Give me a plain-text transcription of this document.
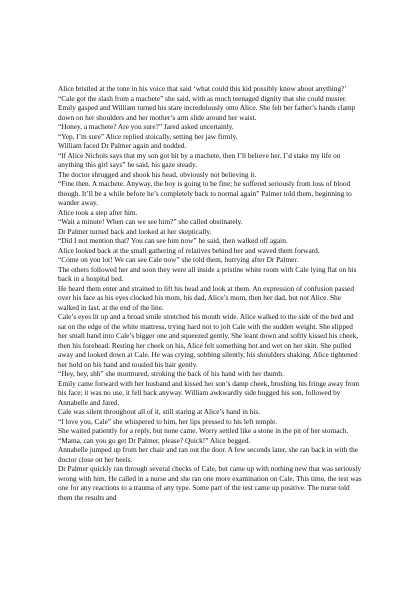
Alice bristled at the tone in his voice that said ‘what could this kid possibly know about anything?’

“Cale got the slash from a machete” she said, with as much teenaged dignity that she could muster.

Emily gasped and William turned his stare incredulously onto Alice. She felt her father’s hands clamp down on her shoulders and her mother’s arm slide around her waist.

“Honey, a machete? Are you sure?” Jared asked uncertainly.

“Yep, I’m sure” Alice replied stoically, setting her jaw firmly.

William faced Dr Palmer again and nodded.

“If Alice Nichols says that my son got hit by a machete, then I’ll believe her. I’d stake my life on anything this girl says” he said, his gaze steady.

The doctor shrugged and shook his head, obviously not believing it.

“Fine then. A machete. Anyway, the boy is going to be fine; he suffered seriously from loss of blood though. It’ll be a while before he’s completely back to normal again” Palmer told them, beginning to wander away.

Alice took a step after him.

“Wait a minute! When can we see him?” she called obstinately.

Dr Palmer turned back and looked at her skeptically.

“Did I not mention that? You can see him now” he said, then walked off again.

Alice looked back at the small gathering of relatives behind her and waved them forward.

“Come on you lot! We can see Cale now” she told them, hurrying after Dr Palmer.

The others followed her and soon they were all inside a pristine white room with Cale lying flat on his back in a hospital bed.

He heard them enter and strained to lift his head and look at them. An expression of confusion passed over his face as his eyes clocked his mom, his dad, Alice’s mom, then her dad, but not Alice. She walked in last, at the end of the line.

Cale’s eyes lit up and a broad smile stretched his mouth wide. Alice walked to the side of the bed and sat on the edge of the white mattress, trying hard not to jolt Cale with the sudden weight. She slipped her small hand into Cale’s bigger one and squeezed gently. She leant down and softly kissed his cheek, then his forehead. Resting her cheek on his, Alice felt something hot and wet on her skin. She pulled away and looked down at Cale. He was crying, sobbing silently, his shoulders shaking. Alice tightened her hold on his hand and tousled his hair gently.

“Hey, hey, shh” she murmured, stroking the back of his hand with her thumb.

Emily came forward with her husband and kissed her son’s damp cheek, brushing his fringe away from his face; it was no use, it fell back anyway. William awkwardly side hugged his son, followed by Annabelle and Jared.

Cale was silent throughout all of it, still staring at Alice’s hand in his.

“I love you, Cale” she whispered to him, her lips pressed to his left temple.

She waited patiently for a reply, but none came. Worry settled like a stone in the pit of her stomach.

“Mama, can you go get Dr Palmer, please? Quick!” Alice begged.

Annabelle jumped up from her chair and ran out the door. A few seconds later, she ran back in with the doctor close on her heels.

Dr Palmer quickly ran through several checks of Cale, but came up with nothing new that was seriously wrong with him. He called in a nurse and she ran one more examination on Cale. This time, the test was one for any reactions to a trauma of any type. Some part of the test came up positive. The nurse told them the results and
